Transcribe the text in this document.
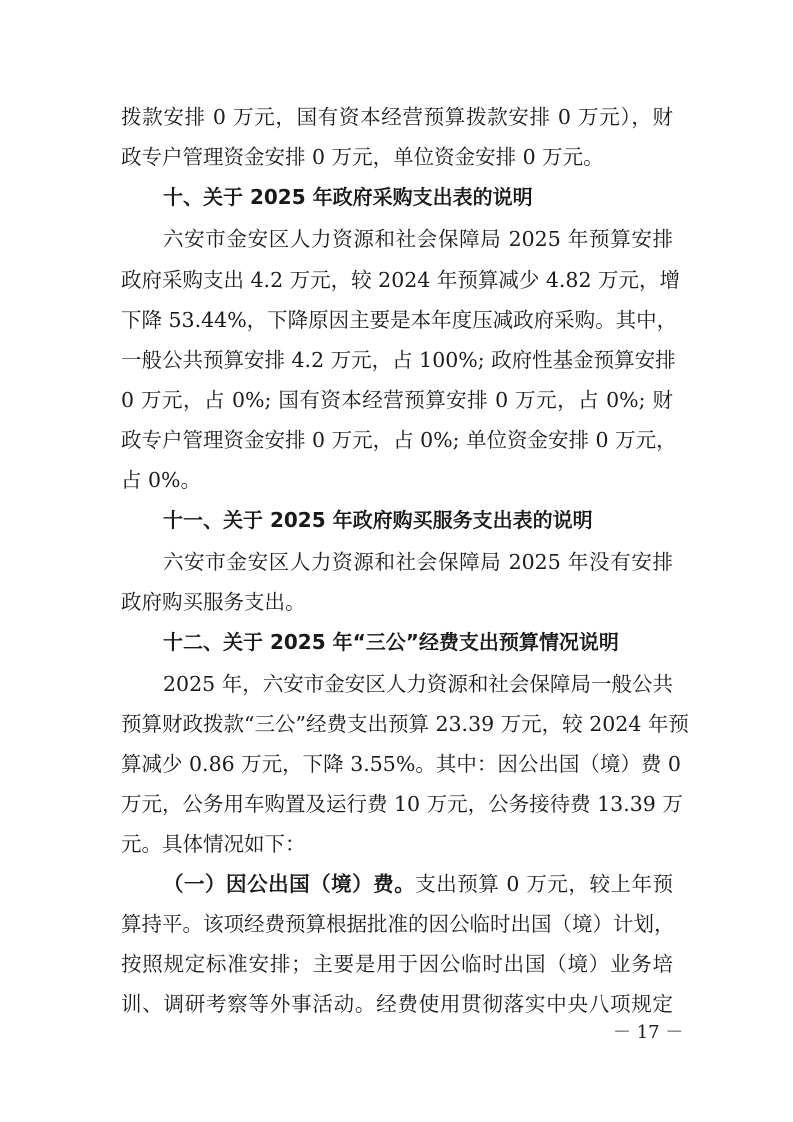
拨款安排 0 万元，国有资本经营预算拨款安排 0 万元），财
政专户管理资金安排 0 万元，单位资金安排 0 万元。
十、关于 2025 年政府采购支出表的说明
六安市金安区人力资源和社会保障局 2025 年预算安排
政府采购支出 4.2 万元，较 2024 年预算减少 4.82 万元，增
下降 53.44%，下降原因主要是本年度压减政府采购。其中，
一般公共预算安排 4.2 万元，占 100%; 政府性基金预算安排
0 万元，占 0%; 国有资本经营预算安排 0 万元，占 0%; 财
政专户管理资金安排 0 万元，占 0%; 单位资金安排 0 万元，
占 0%。
十一、关于 2025 年政府购买服务支出表的说明
六安市金安区人力资源和社会保障局 2025 年没有安排
政府购买服务支出。
十二、关于 2025 年“三公”经费支出预算情况说明
2025 年，六安市金安区人力资源和社会保障局一般公共
预算财政拨款“三公”经费支出预算 23.39 万元，较 2024 年预
算减少 0.86 万元，下降 3.55%。其中：因公出国（境）费 0
万元，公务用车购置及运行费 10 万元，公务接待费 13.39 万
元。具体情况如下：
（一）因公出国（境）费。支出预算 0 万元，较上年预
算持平。该项经费预算根据批准的因公临时出国（境）计划，
按照规定标准安排；主要是用于因公临时出国（境）业务培
训、调研考察等外事活动。经费使用贯彻落实中央八项规定
－ 17 －
